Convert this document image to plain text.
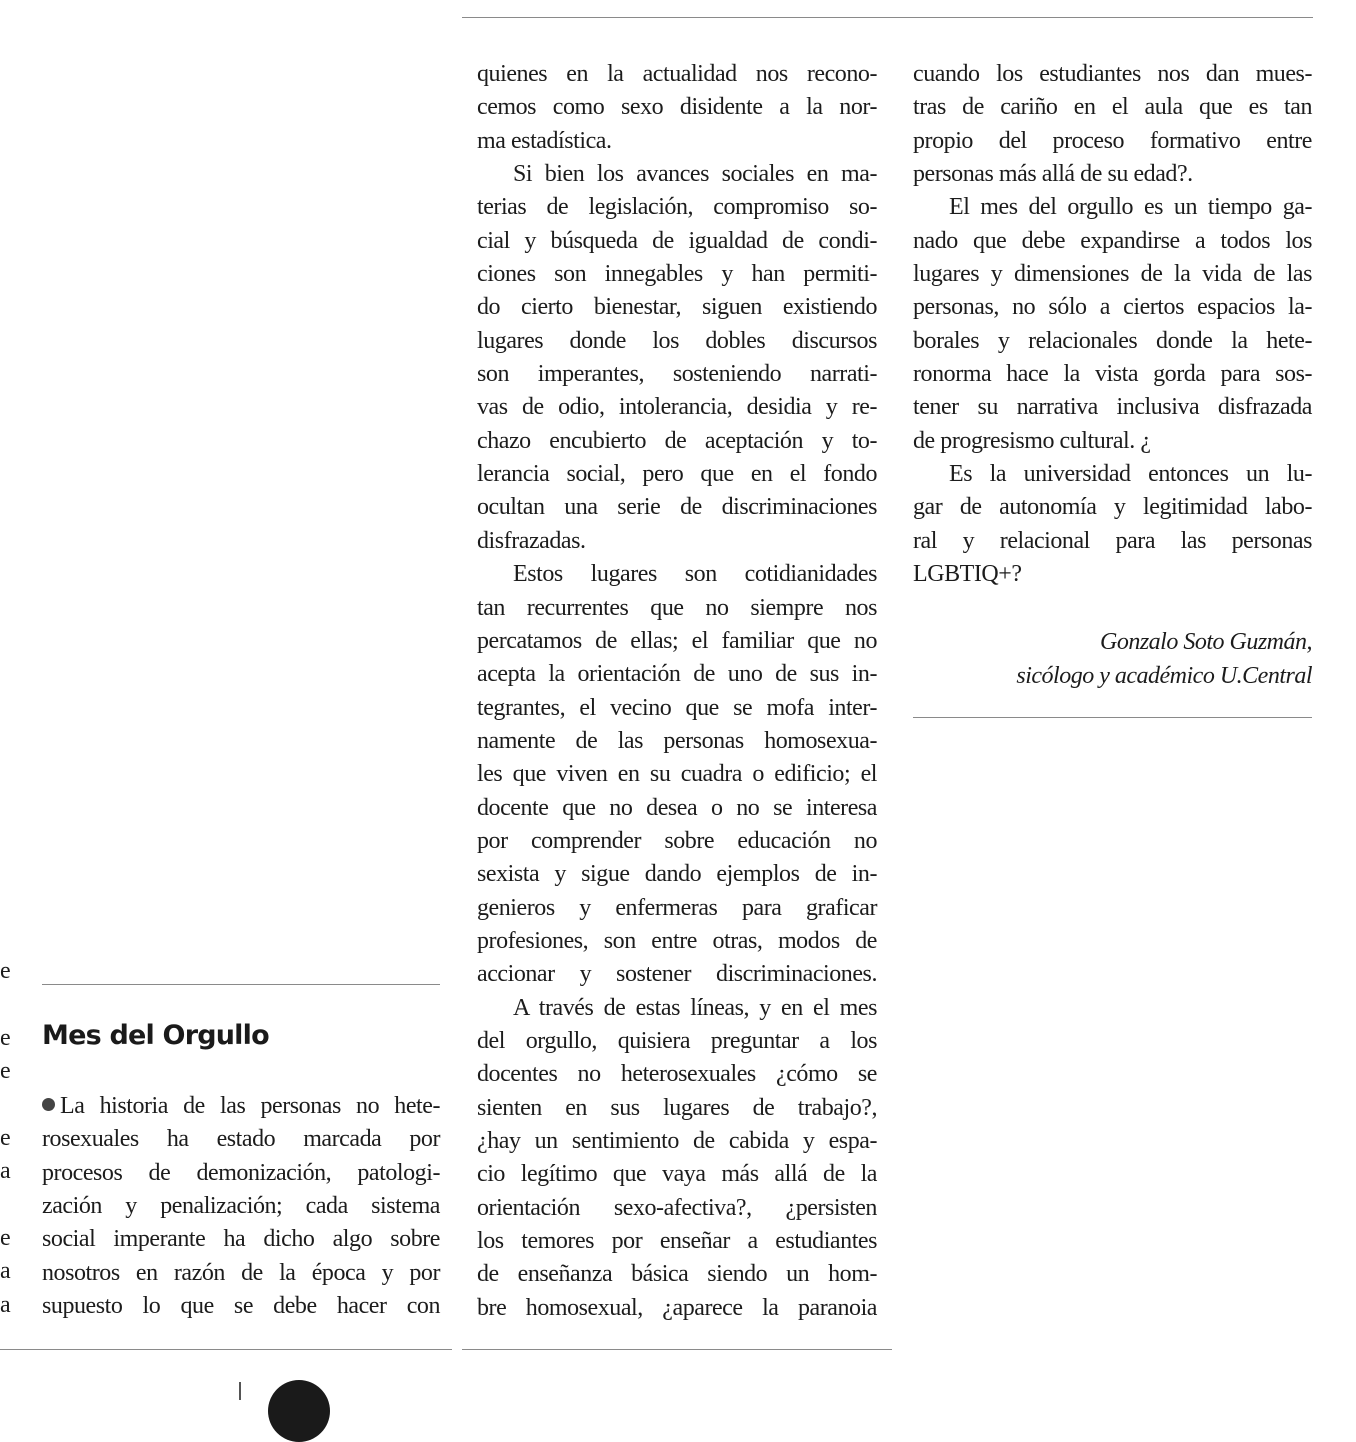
e
e
e
e
a
e
a
a
Mes del Orgullo
La historia de las personas no hete-
rosexuales ha estado marcada por
procesos de demonización, patologi-
zación y penalización; cada sistema
social imperante ha dicho algo sobre
nosotros en razón de la época y por
supuesto lo que se debe hacer con
quienes en la actualidad nos recono-
cemos como sexo disidente a la nor-
ma estadística.
Si bien los avances sociales en ma-
terias de legislación, compromiso so-
cial y búsqueda de igualdad de condi-
ciones son innegables y han permiti-
do cierto bienestar, siguen existiendo
lugares donde los dobles discursos
son imperantes, sosteniendo narrati-
vas de odio, intolerancia, desidia y re-
chazo encubierto de aceptación y to-
lerancia social, pero que en el fondo
ocultan una serie de discriminaciones
disfrazadas.
Estos lugares son cotidianidades
tan recurrentes que no siempre nos
percatamos de ellas; el familiar que no
acepta la orientación de uno de sus in-
tegrantes, el vecino que se mofa inter-
namente de las personas homosexua-
les que viven en su cuadra o edificio; el
docente que no desea o no se interesa
por comprender sobre educación no
sexista y sigue dando ejemplos de in-
genieros y enfermeras para graficar
profesiones, son entre otras, modos de
accionar y sostener discriminaciones.
A través de estas líneas, y en el mes
del orgullo, quisiera preguntar a los
docentes no heterosexuales ¿cómo se
sienten en sus lugares de trabajo?,
¿hay un sentimiento de cabida y espa-
cio legítimo que vaya más allá de la
orientación sexo-afectiva?, ¿persisten
los temores por enseñar a estudiantes
de enseñanza básica siendo un hom-
bre homosexual, ¿aparece la paranoia
cuando los estudiantes nos dan mues-
tras de cariño en el aula que es tan
propio del proceso formativo entre
personas más allá de su edad?.
El mes del orgullo es un tiempo ga-
nado que debe expandirse a todos los
lugares y dimensiones de la vida de las
personas, no sólo a ciertos espacios la-
borales y relacionales donde la hete-
ronorma hace la vista gorda para sos-
tener su narrativa inclusiva disfrazada
de progresismo cultural. ¿
Es la universidad entonces un lu-
gar de autonomía y legitimidad labo-
ral y relacional para las personas
LGBTIQ+?

Gonzalo Soto Guzmán,
sicólogo y académico U.Central
